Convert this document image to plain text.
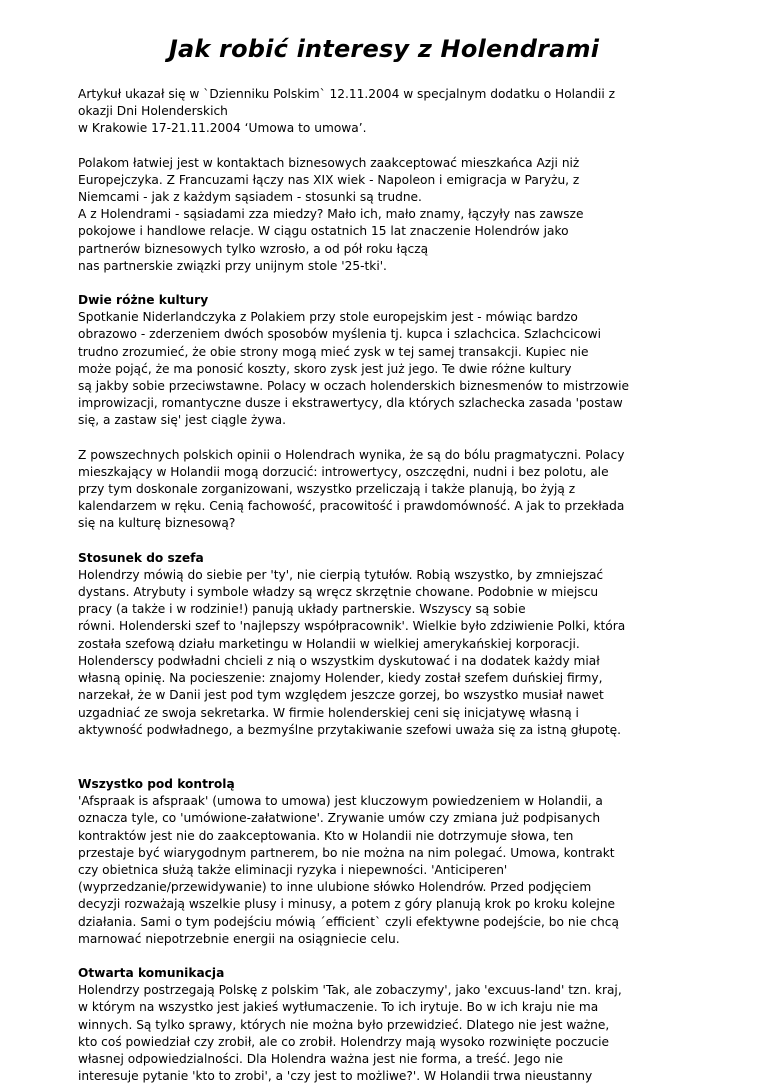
Jak robić interesy z Holendrami

Artykuł ukazał się w `Dzienniku Polskim` 12.11.2004 w specjalnym dodatku o Holandii z
okazji Dni Holenderskich
w Krakowie 17-21.11.2004 ‘Umowa to umowa’.

Polakom łatwiej jest w kontaktach biznesowych zaakceptować mieszkańca Azji niż
Europejczyka. Z Francuzami łączy nas XIX wiek - Napoleon i emigracja w Paryżu, z
Niemcami - jak z każdym sąsiadem - stosunki są trudne.
A z Holendrami - sąsiadami zza miedzy? Mało ich, mało znamy, łączyły nas zawsze
pokojowe i handlowe relacje. W ciągu ostatnich 15 lat znaczenie Holendrów jako
partnerów biznesowych tylko wzrosło, a od pół roku łączą
nas partnerskie związki przy unijnym stole '25-tki'.

Dwie różne kultury
Spotkanie Niderlandczyka z Polakiem przy stole europejskim jest - mówiąc bardzo
obrazowo - zderzeniem dwóch sposobów myślenia tj. kupca i szlachcica. Szlachcicowi
trudno zrozumieć, że obie strony mogą mieć zysk w tej samej transakcji. Kupiec nie
może pojąć, że ma ponosić koszty, skoro zysk jest już jego. Te dwie różne kultury
są jakby sobie przeciwstawne. Polacy w oczach holenderskich biznesmenów to mistrzowie
improwizacji, romantyczne dusze i ekstrawertycy, dla których szlachecka zasada 'postaw
się, a zastaw się' jest ciągle żywa.

Z powszechnych polskich opinii o Holendrach wynika, że są do bólu pragmatyczni. Polacy
mieszkający w Holandii mogą dorzucić: introwertycy, oszczędni, nudni i bez polotu, ale
przy tym doskonale zorganizowani, wszystko przeliczają i także planują, bo żyją z
kalendarzem w ręku. Cenią fachowość, pracowitość i prawdomówność. A jak to przekłada
się na kulturę biznesową?

Stosunek do szefa
Holendrzy mówią do siebie per 'ty', nie cierpią tytułów. Robią wszystko, by zmniejszać
dystans. Atrybuty i symbole władzy są wręcz skrzętnie chowane. Podobnie w miejscu
pracy (a także i w rodzinie!) panują układy partnerskie. Wszyscy są sobie
równi. Holenderski szef to 'najlepszy współpracownik'. Wielkie było zdziwienie Polki, która
została szefową działu marketingu w Holandii w wielkiej amerykańskiej korporacji.
Holenderscy podwładni chcieli z nią o wszystkim dyskutować i na dodatek każdy miał
własną opinię. Na pocieszenie: znajomy Holender, kiedy został szefem duńskiej firmy,
narzekał, że w Danii jest pod tym względem jeszcze gorzej, bo wszystko musiał nawet
uzgadniać ze swoja sekretarka. W firmie holenderskiej ceni się inicjatywę własną i
aktywność podwładnego, a bezmyślne przytakiwanie szefowi uważa się za istną głupotę.

Wszystko pod kontrolą
'Afspraak is afspraak' (umowa to umowa) jest kluczowym powiedzeniem w Holandii, a
oznacza tyle, co 'umówione-załatwione'. Zrywanie umów czy zmiana już podpisanych
kontraktów jest nie do zaakceptowania. Kto w Holandii nie dotrzymuje słowa, ten
przestaje być wiarygodnym partnerem, bo nie można na nim polegać. Umowa, kontrakt
czy obietnica służą także eliminacji ryzyka i niepewności. 'Anticiperen'
(wyprzedzanie/przewidywanie) to inne ulubione słówko Holendrów. Przed podjęciem
decyzji rozważają wszelkie plusy i minusy, a potem z góry planują krok po kroku kolejne
działania. Sami o tym podejściu mówią ´efficient` czyli efektywne podejście, bo nie chcą
marnować niepotrzebnie energii na osiągniecie celu.

Otwarta komunikacja
Holendrzy postrzegają Polskę z polskim 'Tak, ale zobaczymy', jako 'excuus-land' tzn. kraj,
w którym na wszystko jest jakieś wytłumaczenie. To ich irytuje. Bo w ich kraju nie ma
winnych. Są tylko sprawy, których nie można było przewidzieć. Dlatego nie jest ważne,
kto coś powiedział czy zrobił, ale co zrobił. Holendrzy mają wysoko rozwinięte poczucie
własnej odpowiedzialności. Dla Holendra ważna jest nie forma, a treść. Jego nie
interesuje pytanie 'kto to zrobi', a 'czy jest to możliwe?'. W Holandii trwa nieustanny
